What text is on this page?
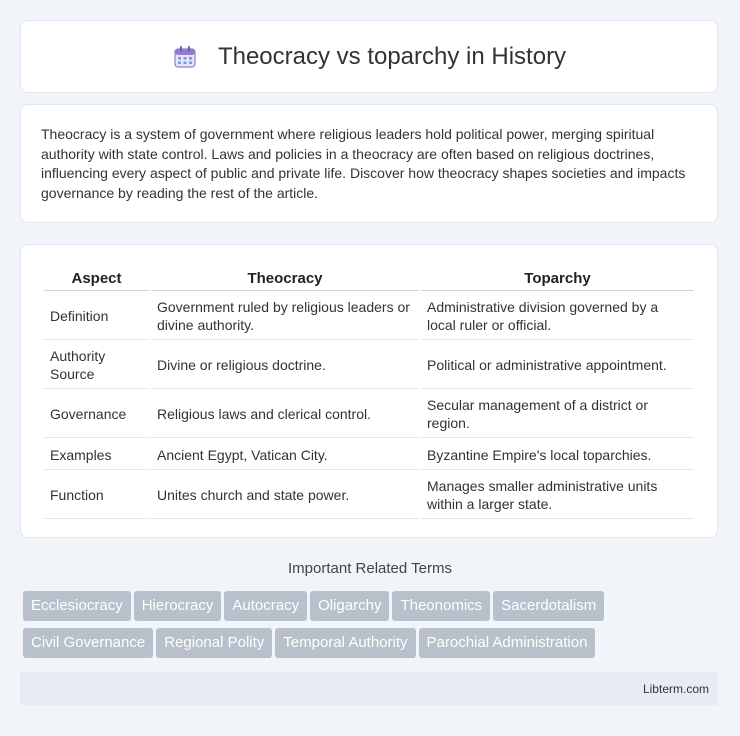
Theocracy vs toparchy in History

Theocracy is a system of government where religious leaders hold political power, merging spiritual authority with state control. Laws and policies in a theocracy are often based on religious doctrines, influencing every aspect of public and private life. Discover how theocracy shapes societies and impacts governance by reading the rest of the article.

Aspect	Theocracy	Toparchy
Definition	Government ruled by religious leaders or divine authority.	Administrative division governed by a local ruler or official.
Authority Source	Divine or religious doctrine.	Political or administrative appointment.
Governance	Religious laws and clerical control.	Secular management of a district or region.
Examples	Ancient Egypt, Vatican City.	Byzantine Empire's local toparchies.
Function	Unites church and state power.	Manages smaller administrative units within a larger state.
Important Related Terms
Ecclesiocracy Hierocracy Autocracy Oligarchy Theonomics Sacerdotalism
Civil Governance Regional Polity Temporal Authority Parochial Administration
Libterm.com
